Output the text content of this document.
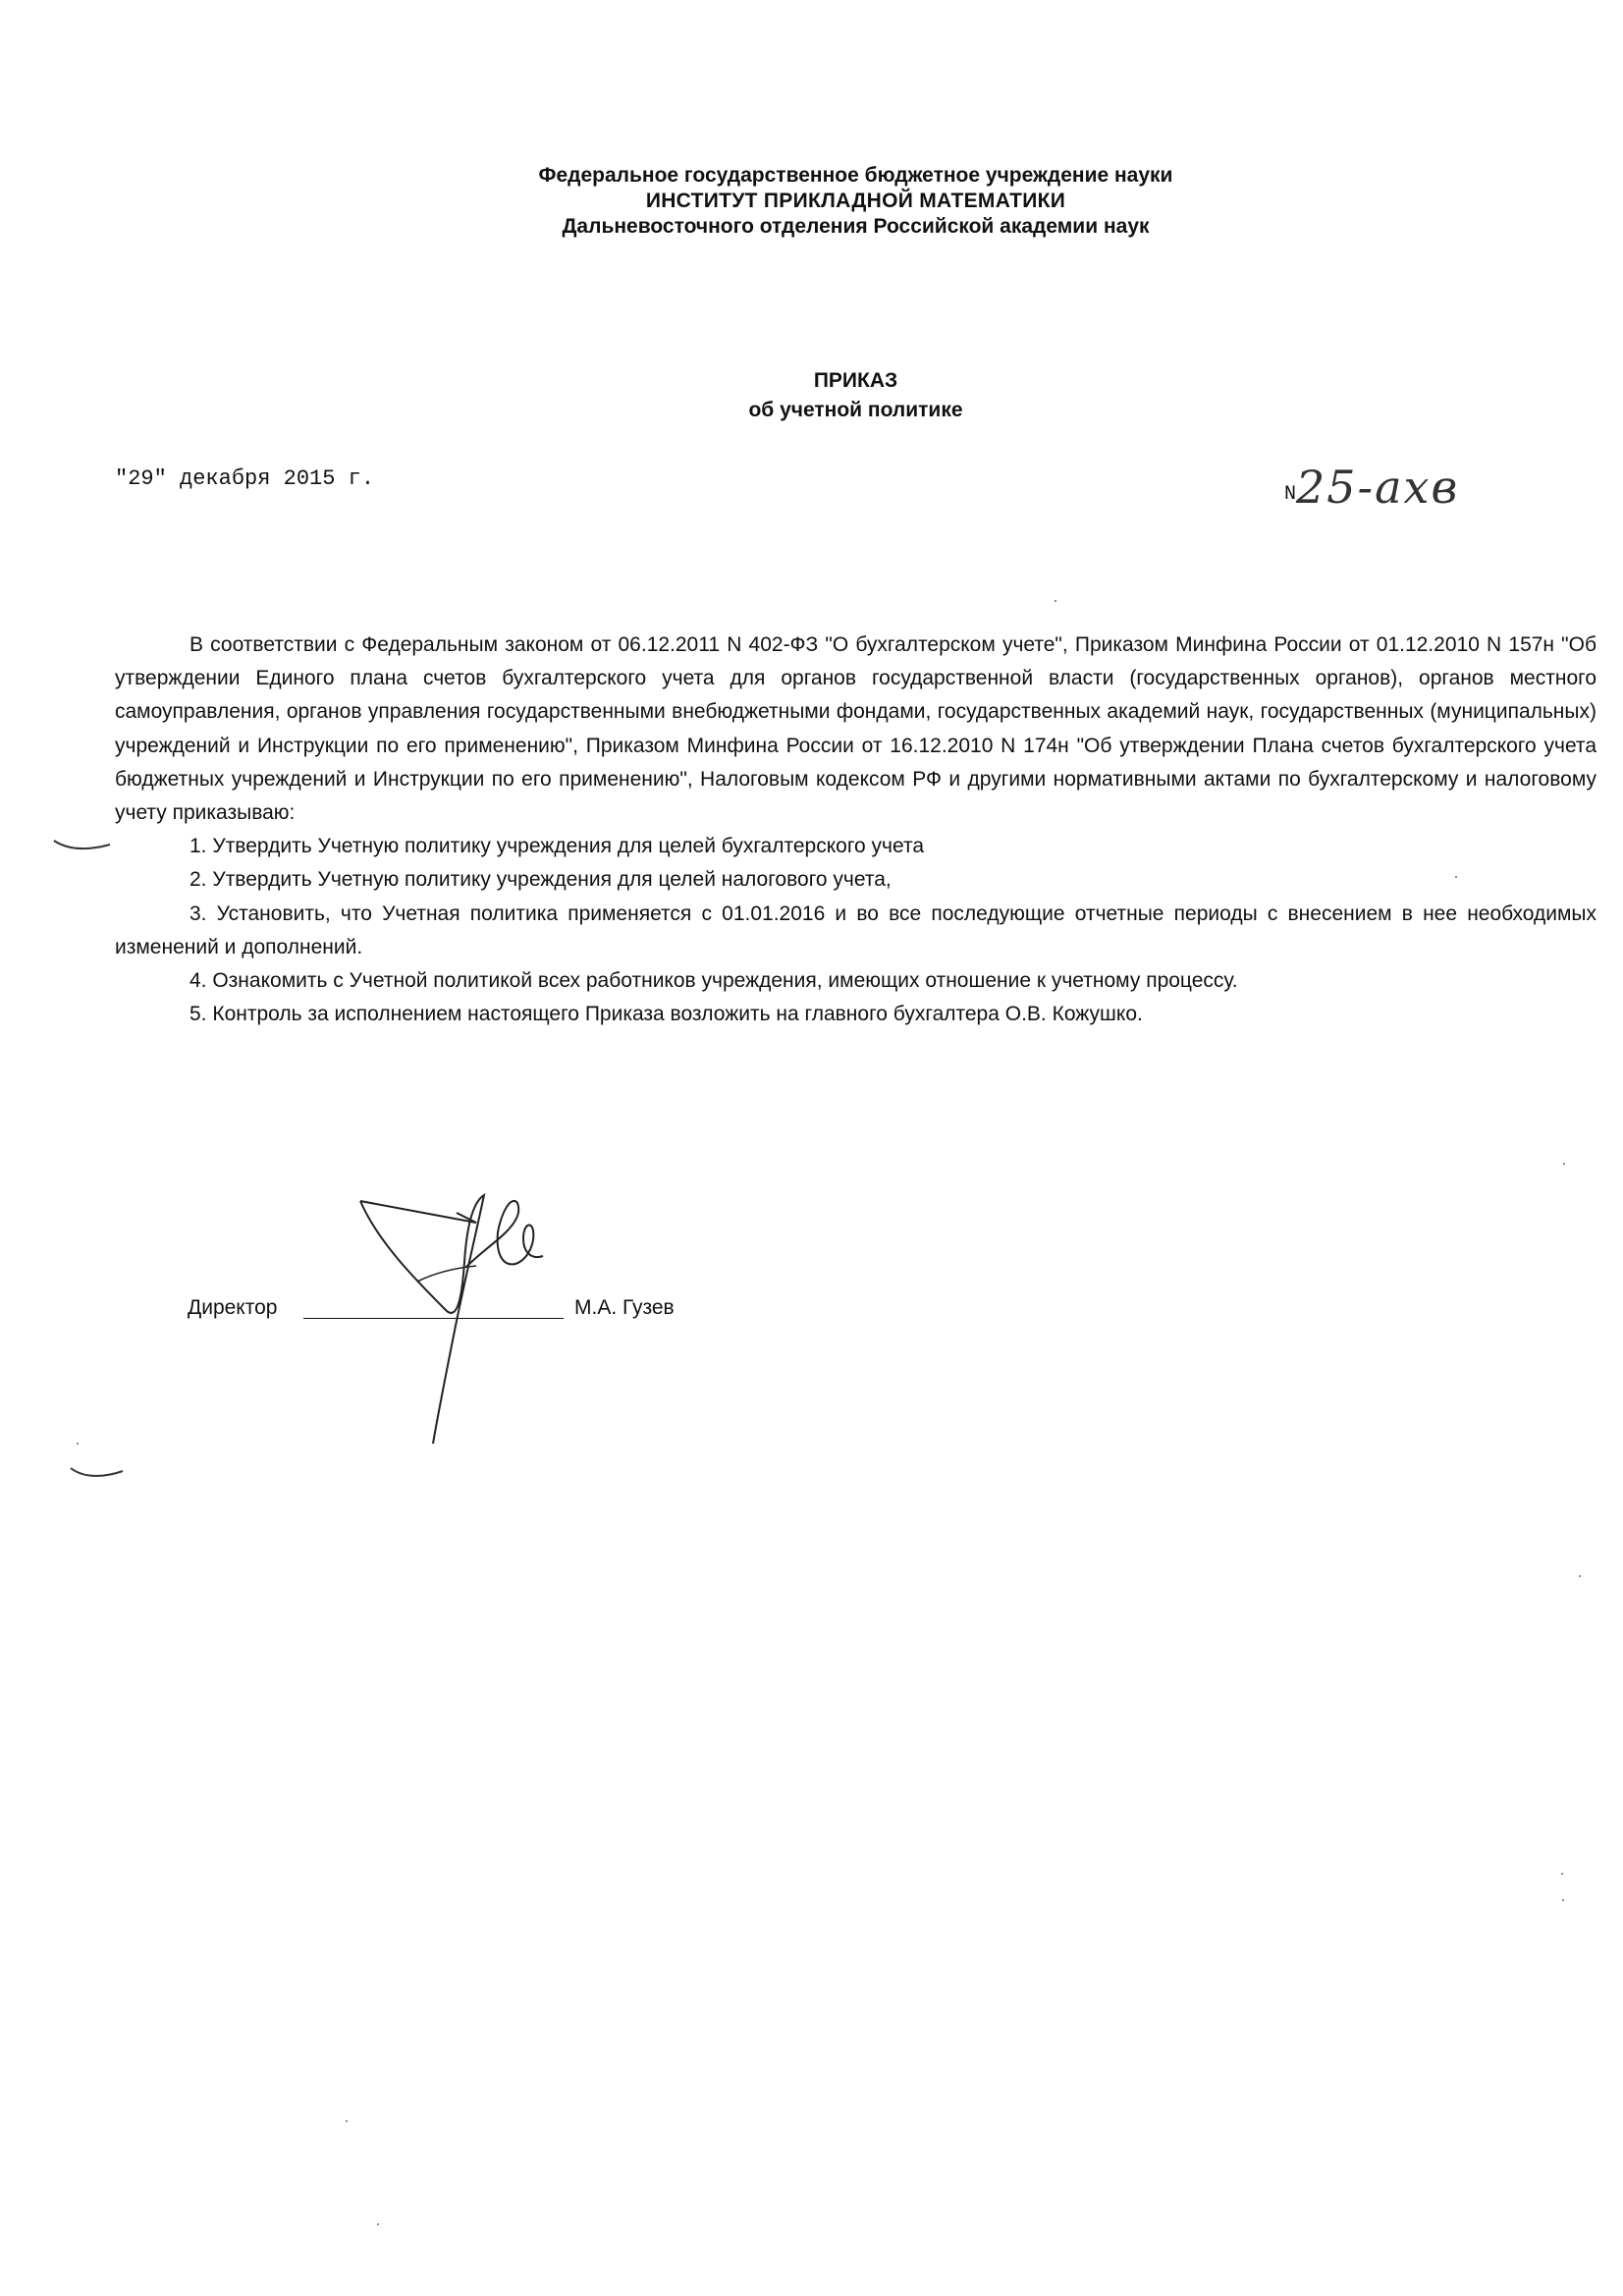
Федеральное государственное бюджетное учреждение науки
ИНСТИТУТ ПРИКЛАДНОЙ МАТЕМАТИКИ
Дальневосточного отделения Российской академии наук
ПРИКАЗ
об учетной политике
"29" декабря 2015 г.
N25-ахв

В соответствии с Федеральным законом от 06.12.2011 N 402-ФЗ "О бухгалтерском учете", Приказом Минфина России от 01.12.2010 N 157н "Об утверждении Единого плана счетов бухгалтерского учета для органов государственной власти (государственных органов), органов местного самоуправления, органов управления государственными внебюджетными фондами, государственных академий наук, государственных (муниципальных) учреждений и Инструкции по его применению", Приказом Минфина России от 16.12.2010 N 174н "Об утверждении Плана счетов бухгалтерского учета бюджетных учреждений и Инструкции по его применению", Налоговым кодексом РФ и другими нормативными актами по бухгалтерскому и налоговому учету приказываю:

1. Утвердить Учетную политику учреждения для целей бухгалтерского учета

2. Утвердить Учетную политику учреждения для целей налогового учета,

3. Установить, что Учетная политика применяется с 01.01.2016 и во все последующие отчетные периоды с внесением в нее необходимых изменений и дополнений.

4. Ознакомить с Учетной политикой всех работников учреждения, имеющих отношение к учетному процессу.

5. Контроль за исполнением настоящего Приказа возложить на главного бухгалтера О.В. Кожушко.

Директор	М.А. Гузев
